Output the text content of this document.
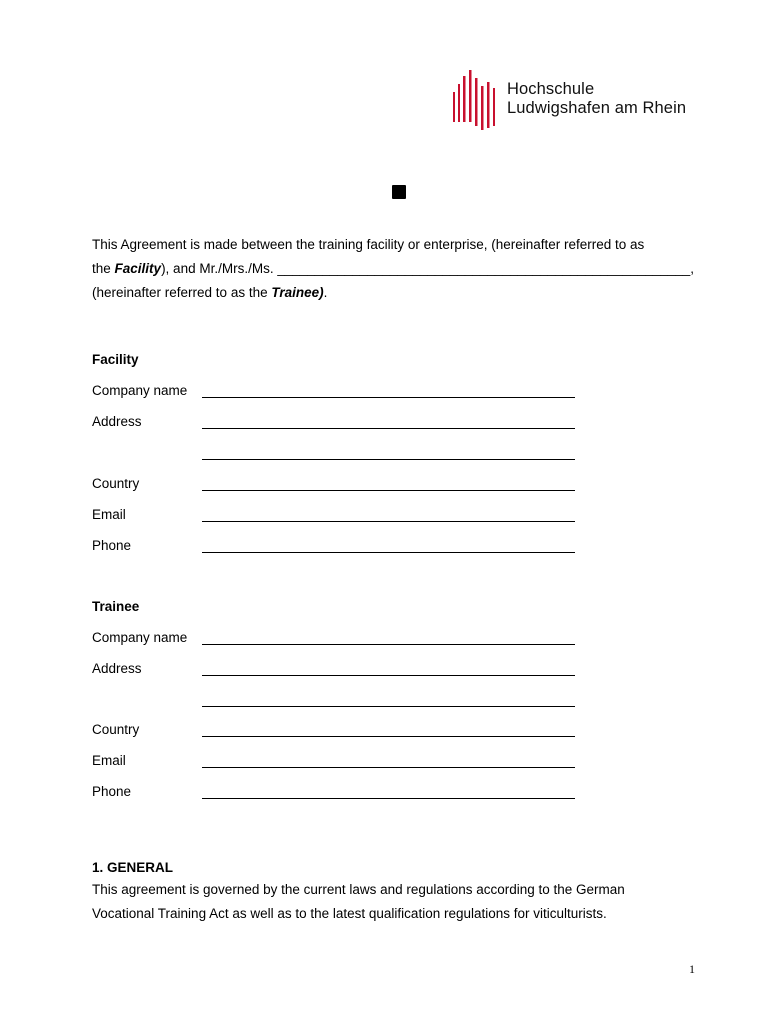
Hochschule
Ludwigshafen am Rhein
This Agreement is made between the training facility or enterprise, (hereinafter referred to as
the Facility), and Mr./Mrs./Ms. _______________________________________________________,
(hereinafter referred to as the Trainee).
Facility
Company name
Address
Country
Email
Phone
Trainee
Company name
Address
Country
Email
Phone
1. GENERAL
This agreement is governed by the current laws and regulations according to the German
Vocational Training Act as well as to the latest qualification regulations for viticulturists.
1
